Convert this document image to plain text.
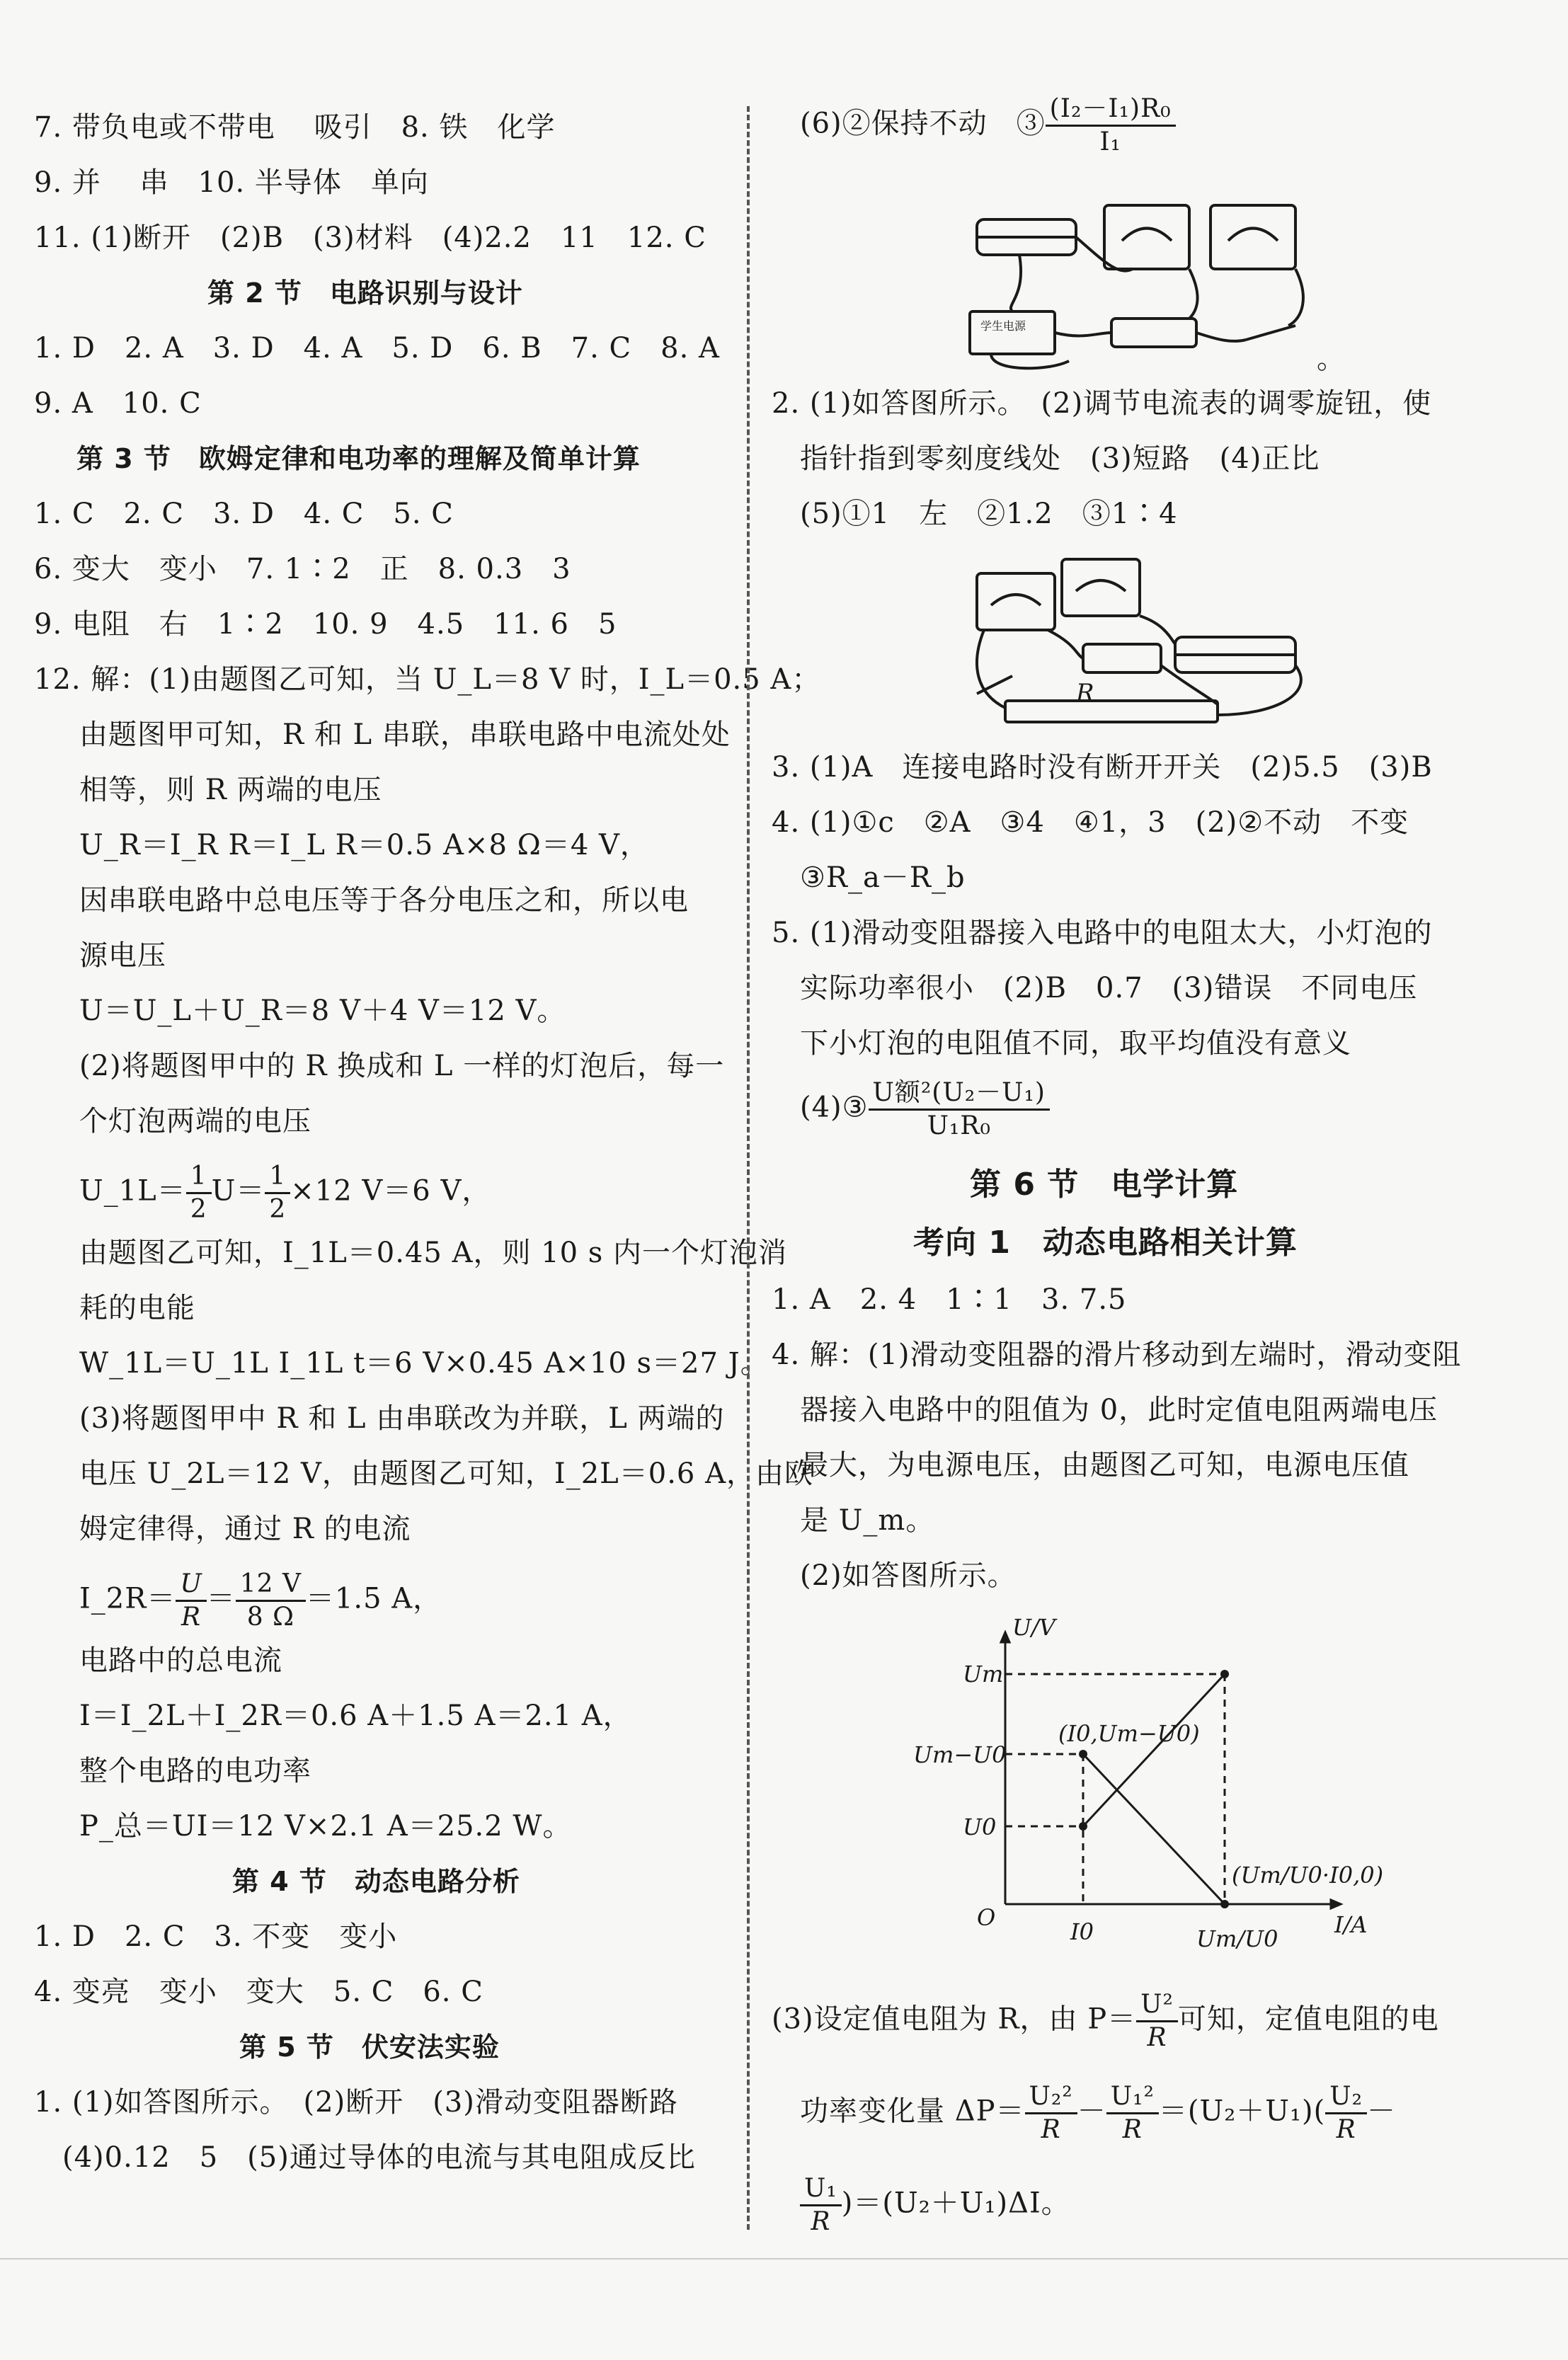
7. 带负电或不带电　 吸引　8. 铁　化学
9. 并　 串　10. 半导体　单向
11. (1)断开　(2)B　(3)材料　(4)2.2　11　12. C
第 2 节　电路识别与设计
1. D　2. A　3. D　4. A　5. D　6. B　7. C　8. A
9. A　10. C
第 3 节　欧姆定律和电功率的理解及简单计算
1. C　2. C　3. D　4. C　5. C
6. 变大　变小　7. 1∶2　正　8. 0.3　3
9. 电阻　右　1∶2　10. 9　4.5　11. 6　5
12. 解：(1)由题图乙可知，当 U_L＝8 V 时，I_L＝0.5 A；
由题图甲可知，R 和 L 串联，串联电路中电流处处
相等，则 R 两端的电压
U_R＝I_R R＝I_L R＝0.5 A×8 Ω＝4 V，
因串联电路中总电压等于各分电压之和，所以电
源电压
U＝U_L＋U_R＝8 V＋4 V＝12 V。
(2)将题图甲中的 R 换成和 L 一样的灯泡后，每一
个灯泡两端的电压
U_1L＝ $\frac{1}{2} U= \frac{1}{2} \times 12$ V＝6 V，
由题图乙可知，I_1L＝0.45 A，则 10 s 内一个灯泡消
耗的电能
W_1L＝U_1L I_1L t＝6 V×0.45 A×10 s＝27 J。
(3)将题图甲中 R 和 L 由串联改为并联，L 两端的
电压 U_2L＝12 V，由题图乙可知，I_2L＝0.6 A，由欧
姆定律得，通过 R 的电流
I_2R＝ $\frac{U}{R} = \frac{12 V}{8 \Omega} =1.5$ A，
电路中的总电流
I＝I_2L＋I_2R＝0.6 A＋1.5 A＝2.1 A，
整个电路的电功率
P_总＝UI＝12 V×2.1 A＝25.2 W。
第 4 节　动态电路分析
1. D　2. C　3. 不变　变小
4. 变亮　变小　变大　5. C　6. C
第 5 节　伏安法实验
1. (1)如答图所示。　(2)断开　(3)滑动变阻器断路
(4)0.12　5　(5)通过导体的电流与其电阻成反比
(6)②保持不动　③ $\frac{\text{(I₂－I₁)R₀}}{\text{I₁}}$
学生电源
。
2. (1)如答图所示。　(2)调节电流表的调零旋钮，使
指针指到零刻度线处　(3)短路　(4)正比
(5)①1　左　②1.2　③1∶4
R
3. (1)A　连接电路时没有断开开关　(2)5.5　(3)B
4. (1)①c　②A　③4　④1，3　(2)②不动　不变
③R_a－R_b
5. (1)滑动变阻器接入电路中的电阻太大，小灯泡的
实际功率很小　(2)B　0.7　(3)错误　不同电压
下小灯泡的电阻值不同，取平均值没有意义
(4)③ $\frac{\text{U额²(U₂－U₁)}}{\text{U₁R₀}}$
第 6 节　电学计算
考向 1　动态电路相关计算
1. A　2. 4　1∶1　3. 7.5
4. 解：(1)滑动变阻器的滑片移动到左端时，滑动变阻
器接入电路中的阻值为 0，此时定值电阻两端电压
最大，为电源电压，由题图乙可知，电源电压值
是 U_m。
(2)如答图所示。
U/V
I/A
O
Um
Um−U0
U0
I0	Um/U0
(I0,Um−U0)
(Um/U0·I0,0)
(3)设定值电阻为 R，由 $P= \frac{\text{U²}}{R}$ 可知，定值电阻的电
功率变化量 $\Delta P= \frac{\text{U₂²}}{R} - \frac{\text{U₁²}}{R} =(U_2+U_1)( \frac{\text{U₂}}{R}$ －
$\frac{\text{U₁}}{R} )=(U_2+U_1)\Delta I$。
